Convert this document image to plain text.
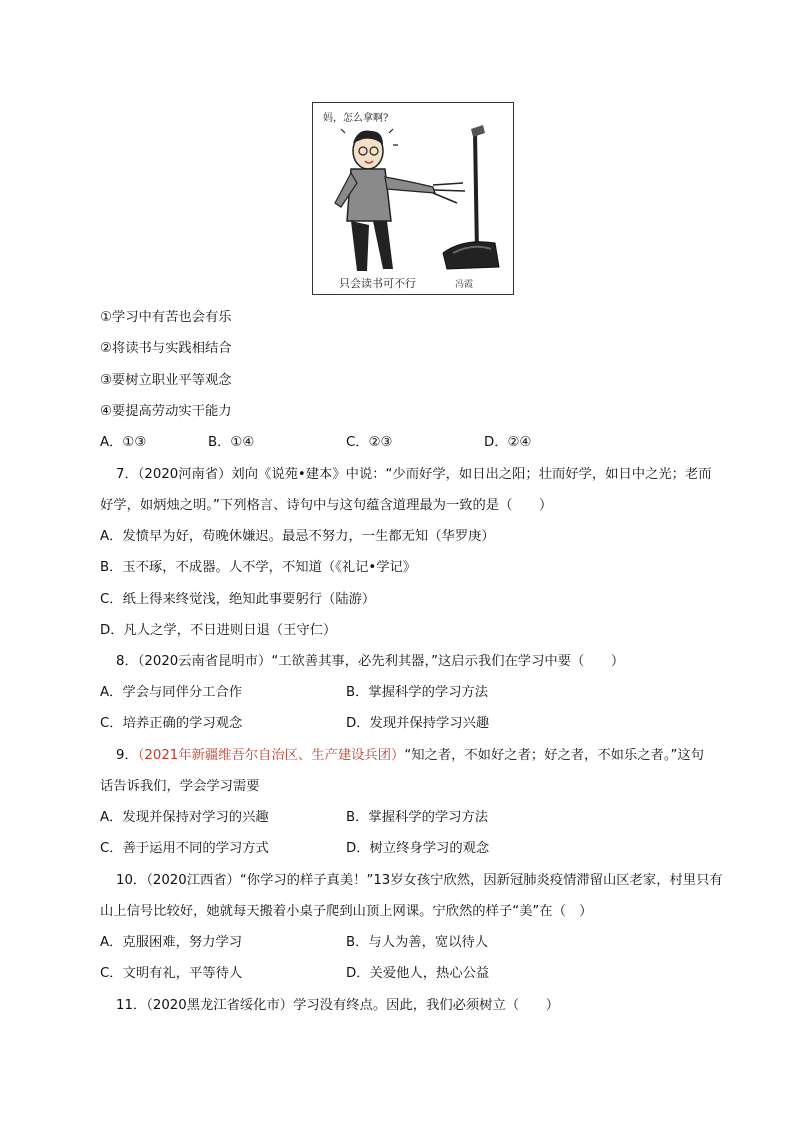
妈，怎么拿啊?
只会读书可不行	冯霞
①学习中有苦也会有乐
②将读书与实践相结合
③要树立职业平等观念
④要提高劳动实干能力
A．①③	B．①④	C．②③	D．②④
7．（2020河南省）刘向《说苑•建本》中说：“少而好学，如日出之阳；壮而好学，如日中之光；老而
好学，如炳烛之明。”下列格言、诗句中与这句蕴含道理最为一致的是（　　）
A．发愤早为好，苟晚休嫌迟。最忌不努力，一生都无知（华罗庚）
B．玉不琢，不成器。人不学，不知道（《礼记•学记》
C．纸上得来终觉浅，绝知此事要躬行（陆游）
D．凡人之学，不日进则日退（王守仁）
8．（2020云南省昆明市）“工欲善其事，必先利其器，”这启示我们在学习中要（　　）
A．学会与同伴分工合作	B．掌握科学的学习方法
C．培养正确的学习观念	D．发现并保持学习兴趣
9．（2021年新疆维吾尔自治区、生产建设兵团）“知之者，不如好之者；好之者，不如乐之者。”这句
话告诉我们，学会学习需要
A．发现并保持对学习的兴趣	B．掌握科学的学习方法
C．善于运用不同的学习方式	D．树立终身学习的观念
10．（2020江西省）“你学习的样子真美！”13岁女孩宁欣然，因新冠肺炎疫情滞留山区老家，村里只有
山上信号比较好，她就每天搬着小桌子爬到山顶上网课。宁欣然的样子“美”在（　）
A．克服困难，努力学习	B．与人为善，宽以待人
C．文明有礼，平等待人	D．关爱他人，热心公益
11．（2020黑龙江省绥化市）学习没有终点。因此，我们必须树立（　　）
